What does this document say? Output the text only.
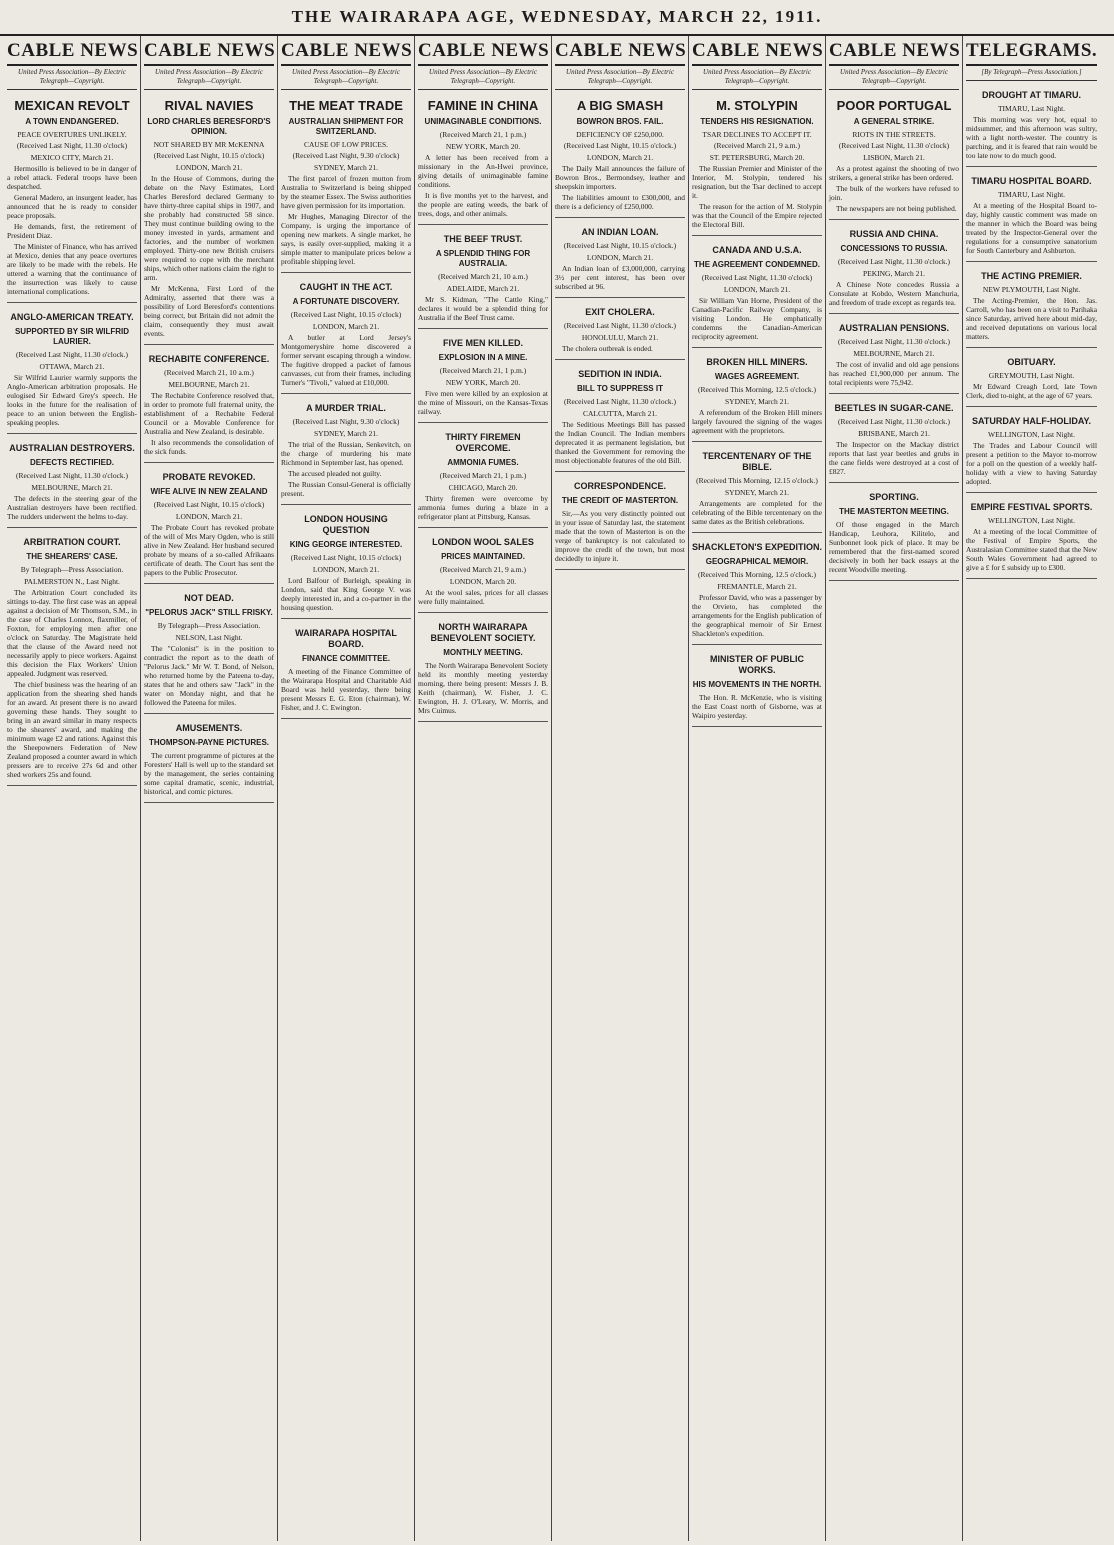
THE WAIRARAPA AGE, WEDNESDAY, MARCH 22, 1911.
CABLE NEWS
United Press Association—By Electric Telegraph—Copyright.
MEXICAN REVOLT
A TOWN ENDANGERED.
PEACE OVERTURES UNLIKELY.
(Received Last Night, 11.30 o'clock)
MEXICO CITY, March 21.

Hermosillo is believed to be in danger of a rebel attack. Federal troops have been despatched.

General Madero, an insurgent leader, has announced that he is ready to consider peace proposals.

He demands, first, the retirement of President Diaz.

The Minister of Finance, who has arrived at Mexico, denies that any peace overtures are likely to be made with the rebels. He uttered a warning that the continuance of the insurrection was likely to cause international complications.

ANGLO-AMERICAN TREATY.
SUPPORTED BY SIR WILFRID LAURIER.
(Received Last Night, 11.30 o'clock.)
OTTAWA, March 21.

Sir Wilfrid Laurier warmly supports the Anglo-American arbitration proposals. He eulogised Sir Edward Grey's speech. He looks in the future for the realisation of peace to an union between the English-speaking peoples.

AUSTRALIAN DESTROYERS.
DEFECTS RECTIFIED.
(Received Last Night, 11.30 o'clock.)
MELBOURNE, March 21.

The defects in the steering gear of the Australian destroyers have been rectified. The rudders underwent the helms to-day.

ARBITRATION COURT.
THE SHEARERS' CASE.
By Telegraph—Press Association.
PALMERSTON N., Last Night.

The Arbitration Court concluded its sittings to-day. The first case was an appeal against a decision of Mr Thomson, S.M., in the case of Charles Lonnox, flaxmiller, of Foxton, for employing men after one o'clock on Saturday. The Magistrate held that the clause of the Award need not necessarily apply to piece workers. Against this decision the Flax Workers' Union appealed. Judgment was reserved.

The chief business was the hearing of an application from the shearing shed hands for an award. At present there is no award governing these hands. They sought to bring in an award similar in many respects to the shearers' award, and making the minimum wage £2 and rations. Against this the Sheepowners Federation of New Zealand proposed a counter award in which pressers are to receive 27s 6d and other shed workers 25s and found.

CABLE NEWS
United Press Association—By Electric Telegraph—Copyright.
RIVAL NAVIES
LORD CHARLES BERESFORD'S OPINION.
NOT SHARED BY MR McKENNA
(Received Last Night, 10.15 o'clock)
LONDON, March 21.

In the House of Commons, during the debate on the Navy Estimates, Lord Charles Beresford declared Germany to have thirty-three capital ships in 1907, and she probably had constructed 58 since. They must continue building owing to the money invested in yards, armament and factories, and the number of workmen employed. Thirty-one new British cruisers were required to cope with the merchant ships, which other nations claim the right to arm.

Mr McKenna, First Lord of the Admiralty, asserted that there was a possibility of Lord Beresford's contentions being correct, but Britain did not admit the claim, consequently they must await events.

RECHABITE CONFERENCE.
(Received March 21, 10 a.m.)
MELBOURNE, March 21.

The Rechabite Conference resolved that, in order to promote full fraternal unity, the establishment of a Rechabite Federal Council or a Movable Conference for Australia and New Zealand, is desirable.

It also recommends the consolidation of the sick funds.

PROBATE REVOKED.
WIFE ALIVE IN NEW ZEALAND
(Received Last Night, 10.15 o'clock)
LONDON, March 21.

The Probate Court has revoked probate of the will of Mrs Mary Ogden, who is still alive in New Zealand. Her husband secured probate by means of a so-called Afrikaans certificate of death. The Court has sent the papers to the Public Prosecutor.

NOT DEAD.
"PELORUS JACK" STILL FRISKY.
By Telegraph—Press Association.
NELSON, Last Night.

The "Colonist" is in the position to contradict the report as to the death of "Pelorus Jack." Mr W. T. Bond, of Nelson, who returned home by the Pateena to-day, states that he and others saw "Jack" in the water on Monday night, and that he followed the Pateena for miles.

AMUSEMENTS.
THOMPSON-PAYNE PICTURES.

The current programme of pictures at the Foresters' Hall is well up to the standard set by the management, the series containing some capital dramatic, scenic, industrial, historical, and comic pictures.

CABLE NEWS
United Press Association—By Electric Telegraph—Copyright.
THE MEAT TRADE
AUSTRALIAN SHIPMENT FOR SWITZERLAND.
CAUSE OF LOW PRICES.
(Received Last Night, 9.30 o'clock)
SYDNEY, March 21.

The first parcel of frozen mutton from Australia to Switzerland is being shipped by the steamer Essex. The Swiss authorities have given permission for its importation.

Mr Hughes, Managing Director of the Company, is urging the importance of opening new markets. A single market, he says, is easily over-supplied, making it a simple matter to manipulate prices below a profitable shipping level.

CAUGHT IN THE ACT.
A FORTUNATE DISCOVERY.
(Received Last Night, 10.15 o'clock)
LONDON, March 21.

A butler at Lord Jersey's Montgomeryshire home discovered a former servant escaping through a window. The fugitive dropped a packet of famous canvasses, cut from their frames, including Turner's "Tivoli," valued at £10,000.

A MURDER TRIAL.
(Received Last Night, 9.30 o'clock)
SYDNEY, March 21.

The trial of the Russian, Senkevitch, on the charge of murdering his mate Richmond in September last, has opened.

The accused pleaded not guilty.

The Russian Consul-General is officially present.

LONDON HOUSING QUESTION
KING GEORGE INTERESTED.
(Received Last Night, 10.15 o'clock)
LONDON, March 21.

Lord Balfour of Burleigh, speaking in London, said that King George V. was deeply interested in, and a co-partner in the housing question.

WAIRARAPA HOSPITAL BOARD.
FINANCE COMMITTEE.

A meeting of the Finance Committee of the Wairarapa Hospital and Charitable Aid Board was held yesterday, there being present Messrs E. G. Eton (chairman), W. Fisher, and J. C. Ewington.

CABLE NEWS
United Press Association—By Electric Telegraph—Copyright.
FAMINE IN CHINA
UNIMAGINABLE CONDITIONS.
(Received March 21, 1 p.m.)
NEW YORK, March 20.

A letter has been received from a missionary in the An-Hwei province, giving details of unimaginable famine conditions.

It is five months yet to the harvest, and the people are eating weeds, the bark of trees, dogs, and other animals.

THE BEEF TRUST.
A SPLENDID THING FOR AUSTRALIA.
(Received March 21, 10 a.m.)
ADELAIDE, March 21.

Mr S. Kidman, "The Cattle King," declares it would be a splendid thing for Australia if the Beef Trust came.

FIVE MEN KILLED.
EXPLOSION IN A MINE.
(Received March 21, 1 p.m.)
NEW YORK, March 20.

Five men were killed by an explosion at the mine of Missouri, on the Kansas-Texas railway.

THIRTY FIREMEN OVERCOME.
AMMONIA FUMES.
(Received March 21, 1 p.m.)
CHICAGO, March 20.

Thirty firemen were overcome by ammonia fumes during a blaze in a refrigerator plant at Pittsburg, Kansas.

LONDON WOOL SALES
PRICES MAINTAINED.
(Received March 21, 9 a.m.)
LONDON, March 20.

At the wool sales, prices for all classes were fully maintained.

NORTH WAIRARAPA BENEVOLENT SOCIETY.
MONTHLY MEETING.

The North Wairarapa Benevolent Society held its monthly meeting yesterday morning, there being present: Messrs J. B. Keith (chairman), W. Fisher, J. C. Ewington, H. J. O'Leary, W. Morris, and Mrs Cuimus.

CABLE NEWS
United Press Association—By Electric Telegraph—Copyright.
A BIG SMASH
BOWRON BROS. FAIL.
DEFICIENCY OF £250,000.
(Received Last Night, 10.15 o'clock.)
LONDON, March 21.

The Daily Mail announces the failure of Bowron Bros., Bermondsey, leather and sheepskin importers.

The liabilities amount to £300,000, and there is a deficiency of £250,000.

AN INDIAN LOAN.
(Received Last Night, 10.15 o'clock.)
LONDON, March 21.

An Indian loan of £3,000,000, carrying 3½ per cent interest, has been over subscribed at 96.

EXIT CHOLERA.
(Received Last Night, 11.30 o'clock.)
HONOLULU, March 21.

The cholera outbreak is ended.

SEDITION IN INDIA.
BILL TO SUPPRESS IT
(Received Last Night, 11.30 o'clock.)
CALCUTTA, March 21.

The Seditious Meetings Bill has passed the Indian Council. The Indian members deprecated it as permanent legislation, but thanked the Government for removing the most objectionable features of the old Bill.

CORRESPONDENCE.
THE CREDIT OF MASTERTON.

Sir,—As you very distinctly pointed out in your issue of Saturday last, the statement made that the town of Masterton is on the verge of bankruptcy is not calculated to improve the credit of the town, but most decidedly to injure it.

CABLE NEWS
United Press Association—By Electric Telegraph—Copyright.
M. STOLYPIN
TENDERS HIS RESIGNATION.
TSAR DECLINES TO ACCEPT IT.
(Received March 21, 9 a.m.)
ST. PETERSBURG, March 20.

The Russian Premier and Minister of the Interior, M. Stolypin, tendered his resignation, but the Tsar declined to accept it.

The reason for the action of M. Stolypin was that the Council of the Empire rejected the Electoral Bill.

CANADA AND U.S.A.
THE AGREEMENT CONDEMNED.
(Received Last Night, 11.30 o'clock)
LONDON, March 21.

Sir William Van Horne, President of the Canadian-Pacific Railway Company, is visiting London. He emphatically condemns the Canadian-American reciprocity agreement.

BROKEN HILL MINERS.
WAGES AGREEMENT.
(Received This Morning, 12.5 o'clock.)
SYDNEY, March 21.

A referendum of the Broken Hill miners largely favoured the signing of the wages agreement with the proprietors.

TERCENTENARY OF THE BIBLE.
(Received This Morning, 12.15 o'clock.)
SYDNEY, March 21.

Arrangements are completed for the celebrating of the Bible tercentenary on the same dates as the British celebrations.

SHACKLETON'S EXPEDITION.
GEOGRAPHICAL MEMOIR.
(Received This Morning, 12.5 o'clock.)
FREMANTLE, March 21.

Professor David, who was a passenger by the Orvieto, has completed the arrangements for the English publication of the geographical memoir of Sir Ernest Shackleton's expedition.

MINISTER OF PUBLIC WORKS.
HIS MOVEMENTS IN THE NORTH.

The Hon. R. McKenzie, who is visiting the East Coast north of Gisborne, was at Waipiro yesterday.

CABLE NEWS
United Press Association—By Electric Telegraph—Copyright.
POOR PORTUGAL
A GENERAL STRIKE.
RIOTS IN THE STREETS.
(Received Last Night, 11.30 o'clock)
LISBON, March 21.

As a protest against the shooting of two strikers, a general strike has been ordered.

The bulk of the workers have refused to join.

The newspapers are not being published.

RUSSIA AND CHINA.
CONCESSIONS TO RUSSIA.
(Received Last Night, 11.30 o'clock.)
PEKING, March 21.

A Chinese Note concedes Russia a Consulate at Kobdo, Western Manchuria, and freedom of trade except as regards tea.

AUSTRALIAN PENSIONS.
(Received Last Night, 11.30 o'clock.)
MELBOURNE, March 21.

The cost of invalid and old age pensions has reached £1,900,000 per annum. The total recipients were 75,942.

BEETLES IN SUGAR-CANE.
(Received Last Night, 11.30 o'clock.)
BRISBANE, March 21.

The Inspector on the Mackay district reports that last year beetles and grubs in the cane fields were destroyed at a cost of £827.

SPORTING.
THE MASTERTON MEETING.

Of those engaged in the March Handicap, Leuhora, Kilitelo, and Sunbonnet look pick of place. It may be remembered that the first-named scored decisively in both her back essays at the recent Woodville meeting.

TELEGRAMS.
[By Telegraph—Press Association.]
DROUGHT AT TIMARU.
TIMARU, Last Night.

This morning was very hot, equal to midsummer, and this afternoon was sultry, with a light north-wester. The country is parching, and it is feared that rain would be too late now to do much good.

TIMARU HOSPITAL BOARD.
TIMARU, Last Night.

At a meeting of the Hospital Board to-day, highly caustic comment was made on the manner in which the Board was being treated by the Inspector-General over the regulations for a consumptive sanatorium for South Canterbury and Ashburton.

THE ACTING PREMIER.
NEW PLYMOUTH, Last Night.

The Acting-Premier, the Hon. Jas. Carroll, who has been on a visit to Parihaka since Saturday, arrived here about mid-day, and received deputations on various local matters.

OBITUARY.
GREYMOUTH, Last Night.

Mr Edward Creagh Lord, late Town Clerk, died to-night, at the age of 67 years.

SATURDAY HALF-HOLIDAY.
WELLINGTON, Last Night.

The Trades and Labour Council will present a petition to the Mayor to-morrow for a poll on the question of a weekly half-holiday with a view to having Saturday adopted.

EMPIRE FESTIVAL SPORTS.
WELLINGTON, Last Night.

At a meeting of the local Committee of the Festival of Empire Sports, the Australasian Committee stated that the New South Wales Government had agreed to give a £ for £ subsidy up to £300.
